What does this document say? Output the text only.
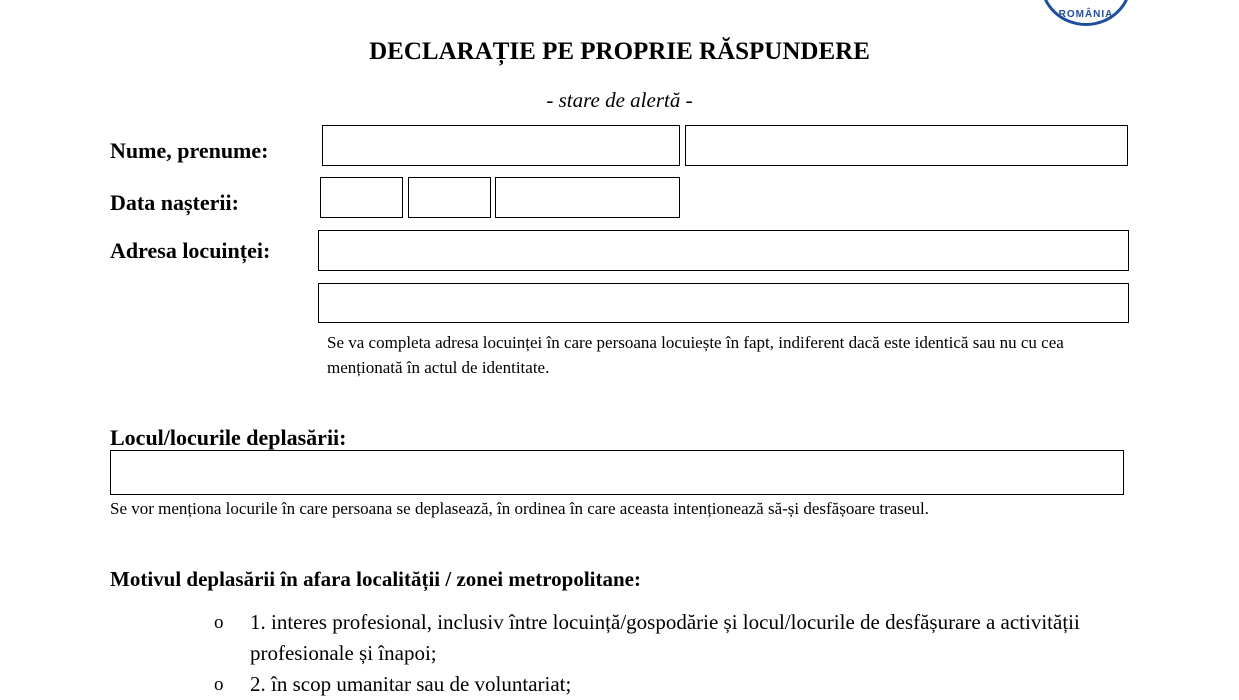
ROMÂNIA
DECLARAȚIE PE PROPRIE RĂSPUNDERE
- stare de alertă -
Nume, prenume:
Data nașterii:
Adresa locuinței:
Se va completa adresa locuinței în care persoana locuiește în fapt, indiferent dacă este identică sau nu cu cea menționată în actul de identitate.
Locul/locurile deplasării:
Se vor menționa locurile în care persoana se deplasează, în ordinea în care aceasta intenționează să-și desfășoare traseul.
Motivul deplasării în afara localității / zonei metropolitane:
o 1. interes profesional, inclusiv între locuință/gospodărie și locul/locurile de desfășurare a activității profesionale și înapoi;
o 2. în scop umanitar sau de voluntariat;
